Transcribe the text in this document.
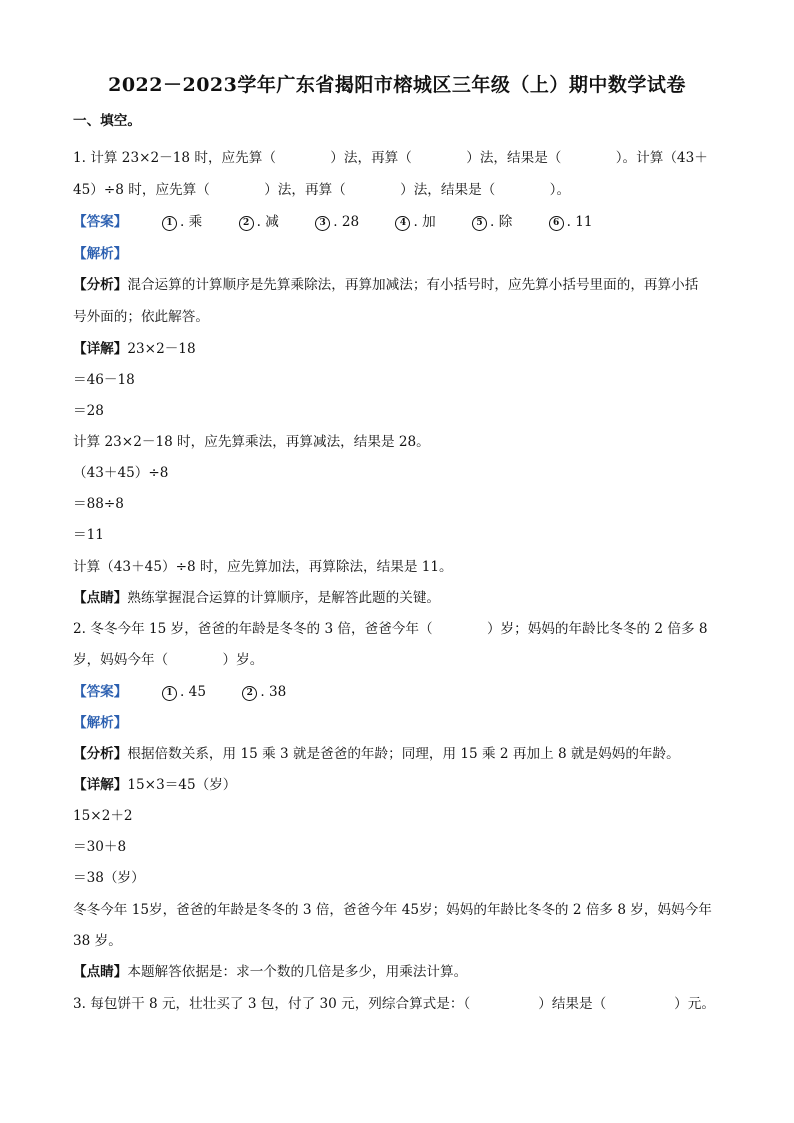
2022－2023学年广东省揭阳市榕城区三年级（上）期中数学试卷
一、填空。
1. 计算 23×2－18 时，应先算（　　　　）法，再算（　　　　）法，结果是（　　　　）。计算（43＋
45）÷8 时，应先算（　　　　）法，再算（　　　　）法，结果是（　　　　）。
【答案】	1 . 乘	2 . 减	3 . 28	4 . 加	5 . 除	6 . 11
【解析】
【分析】混合运算的计算顺序是先算乘除法，再算加减法；有小括号时，应先算小括号里面的，再算小括
号外面的；依此解答。
【详解】23×2－18
＝46－18
＝28
计算 23×2－18 时，应先算乘法，再算减法，结果是 28。
（43＋45）÷8
＝88÷8
＝11
计算（43＋45）÷8 时，应先算加法，再算除法，结果是 11。
【点睛】熟练掌握混合运算的计算顺序，是解答此题的关键。
2. 冬冬今年 15 岁，爸爸的年龄是冬冬的 3 倍，爸爸今年（　　　　）岁；妈妈的年龄比冬冬的 2 倍多 8
岁，妈妈今年（　　　　）岁。
【答案】	1 . 45	2 . 38
【解析】
【分析】根据倍数关系，用 15 乘 3 就是爸爸的年龄；同理，用 15 乘 2 再加上 8 就是妈妈的年龄。
【详解】15×3＝45（岁）
15×2＋2
＝30＋8
＝38（岁）
冬冬今年 15岁，爸爸的年龄是冬冬的 3 倍，爸爸今年 45岁；妈妈的年龄比冬冬的 2 倍多 8 岁，妈妈今年
38 岁。
【点睛】本题解答依据是：求一个数的几倍是多少，用乘法计算。
3. 每包饼干 8 元，壮壮买了 3 包，付了 30 元，列综合算式是：（　　　　　）结果是（　　　　　）元。
